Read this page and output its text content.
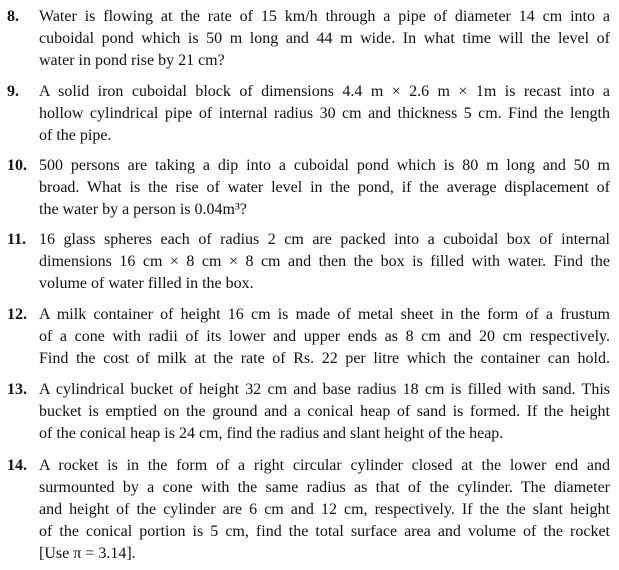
8. Water is flowing at the rate of 15 km/h through a pipe of diameter 14 cm into a
cuboidal pond which is 50 m long and 44 m wide. In what time will the level of
water in pond rise by 21 cm?
9. A solid iron cuboidal block of dimensions 4.4 m × 2.6 m × 1m is recast into a
hollow cylindrical pipe of internal radius 30 cm and thickness 5 cm. Find the length
of the pipe.
10. 500 persons are taking a dip into a cuboidal pond which is 80 m long and 50 m
broad. What is the rise of water level in the pond, if the average displacement of
the water by a person is 0.04m³?
11. 16 glass spheres each of radius 2 cm are packed into a cuboidal box of internal
dimensions 16 cm × 8 cm × 8 cm and then the box is filled with water. Find the
volume of water filled in the box.
12. A milk container of height 16 cm is made of metal sheet in the form of a frustum
of a cone with radii of its lower and upper ends as 8 cm and 20 cm respectively.
Find the cost of milk at the rate of Rs. 22 per litre which the container can hold.
13. A cylindrical bucket of height 32 cm and base radius 18 cm is filled with sand. This
bucket is emptied on the ground and a conical heap of sand is formed. If the height
of the conical heap is 24 cm, find the radius and slant height of the heap.
14. A rocket is in the form of a right circular cylinder closed at the lower end and
surmounted by a cone with the same radius as that of the cylinder. The diameter
and height of the cylinder are 6 cm and 12 cm, respectively. If the the slant height
of the conical portion is 5 cm, find the total surface area and volume of the rocket
[Use π = 3.14].
